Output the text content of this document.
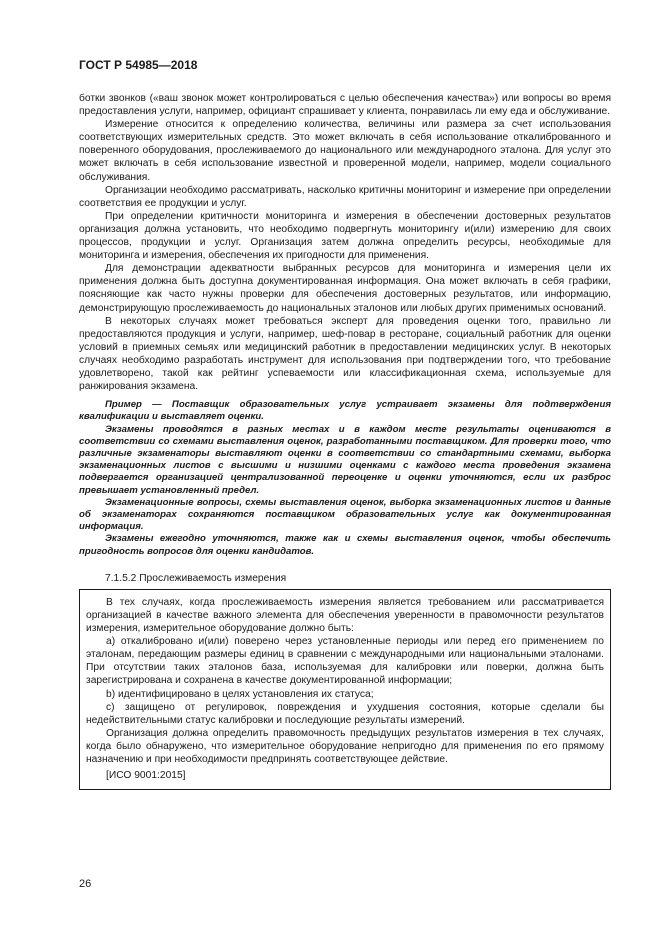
ГОСТ Р 54985—2018

ботки звонков («ваш звонок может контролироваться с целью обеспечения качества») или вопросы во время предоставления услуги, например, официант спрашивает у клиента, понравилась ли ему еда и обслуживание.

Измерение относится к определению количества, величины или размера за счет использования соответствующих измерительных средств. Это может включать в себя использование откалиброванного и поверенного оборудования, прослеживаемого до национального или международного эталона. Для услуг это может включать в себя использование известной и проверенной модели, например, модели социального обслуживания.

Организации необходимо рассматривать, насколько критичны мониторинг и измерение при определении соответствия ее продукции и услуг.

При определении критичности мониторинга и измерения в обеспечении достоверных результатов организация должна установить, что необходимо подвергнуть мониторингу и(или) измерению для своих процессов, продукции и услуг. Организация затем должна определить ресурсы, необходимые для мониторинга и измерения, обеспечения их пригодности для применения.

Для демонстрации адекватности выбранных ресурсов для мониторинга и измерения цели их применения должна быть доступна документированная информация. Она может включать в себя графики, поясняющие как часто нужны проверки для обеспечения достоверных результатов, или информацию, демонстрирующую прослеживаемость до национальных эталонов или любых других применимых оснований.

В некоторых случаях может требоваться эксперт для проведения оценки того, правильно ли предоставляются продукция и услуги, например, шеф-повар в ресторане, социальный работник для оценки условий в приемных семьях или медицинский работник в предоставлении медицинских услуг. В некоторых случаях необходимо разработать инструмент для использования при подтверждении того, что требование удовлетворено, такой как рейтинг успеваемости или классификационная схема, используемые для ранжирования экзамена.

Пример — Поставщик образовательных услуг устраивает экзамены для подтверждения квалификации и выставляет оценки.

Экзамены проводятся в разных местах и в каждом месте результаты оцениваются в соответствии со схемами выставления оценок, разработанными поставщиком. Для проверки того, что различные экзаменаторы выставляют оценки в соответствии со стандартными схемами, выборка экзаменационных листов с высшими и низшими оценками с каждого места проведения экзамена подвергается организацией централизованной переоценке и оценки уточняются, если их разброс превышает установленный предел.

Экзаменационные вопросы, схемы выставления оценок, выборка экзаменационных листов и данные об экзаменаторах сохраняются поставщиком образовательных услуг как документированная информация.

Экзамены ежегодно уточняются, также как и схемы выставления оценок, чтобы обеспечить пригодность вопросов для оценки кандидатов.

7.1.5.2 Прослеживаемость измерения

В тех случаях, когда прослеживаемость измерения является требованием или рассматривается организацией в качестве важного элемента для обеспечения уверенности в правомочности результатов измерения, измерительное оборудование должно быть:

a) откалибровано и(или) поверено через установленные периоды или перед его применением по эталонам, передающим размеры единиц в сравнении с международными или национальными эталонами. При отсутствии таких эталонов база, используемая для калибровки или поверки, должна быть зарегистрирована и сохранена в качестве документированной информации;

b) идентифицировано в целях установления их статуса;

c) защищено от регулировок, повреждения и ухудшения состояния, которые сделали бы недействительными статус калибровки и последующие результаты измерений.

Организация должна определить правомочность предыдущих результатов измерения в тех случаях, когда было обнаружено, что измерительное оборудование непригодно для применения по его прямому назначению и при необходимости предпринять соответствующее действие.

[ИСО 9001:2015]

26
